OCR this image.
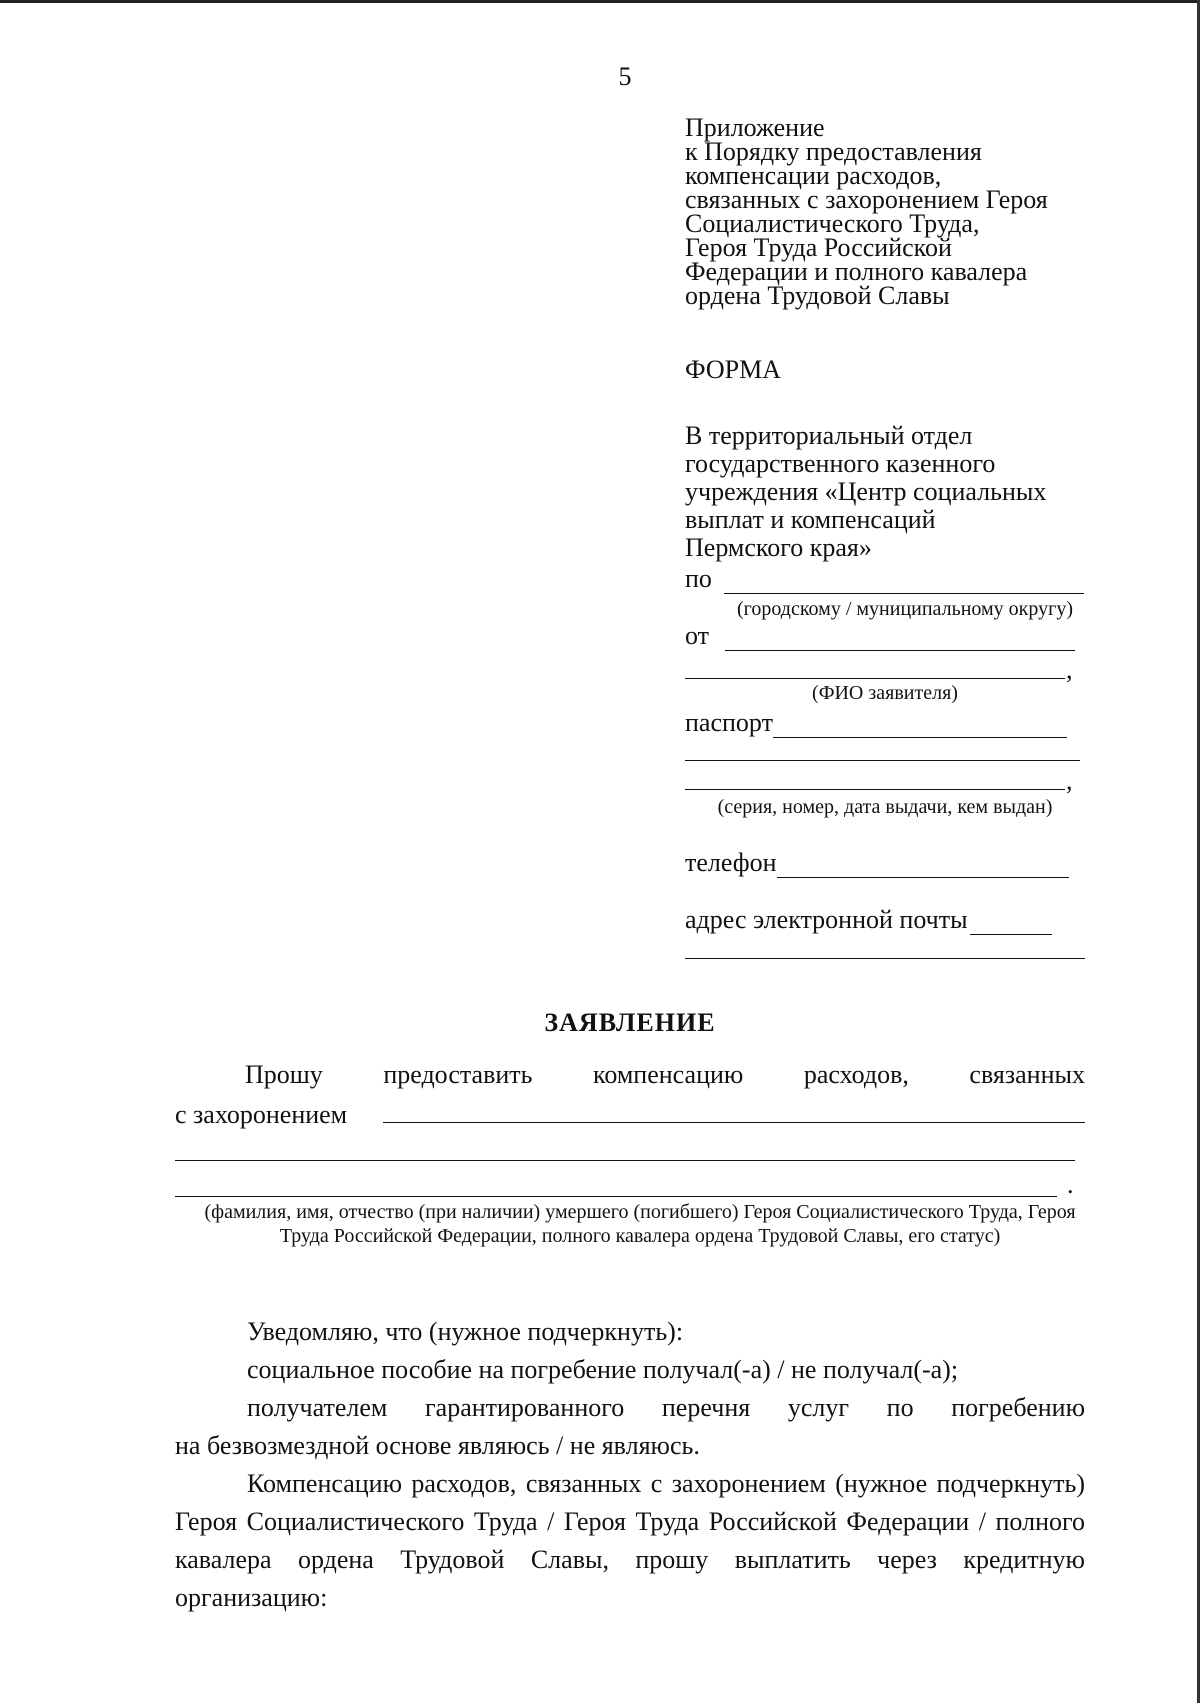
5
Приложение
к Порядку предоставления
компенсации расходов,
связанных с захоронением Героя
Социалистического Труда,
Героя Труда Российской
Федерации и полного кавалера
ордена Трудовой Славы
ФОРМА
В территориальный отдел
государственного казенного
учреждения «Центр социальных
выплат и компенсаций
Пермского края»
по
(городскому / муниципальному округу)
от
,
(ФИО заявителя)
паспорт
,
(серия, номер, дата выдачи, кем выдан)
телефон
адрес электронной почты
ЗАЯВЛЕНИЕ
Прошу предоставить компенсацию расходов, связанных
с захоронением
.
(фамилия, имя, отчество (при наличии) умершего (погибшего) Героя Социалистического Труда, Героя Труда Российской Федерации, полного кавалера ордена Трудовой Славы, его статус)
Уведомляю, что (нужное подчеркнуть):
социальное пособие на погребение получал(-а) / не получал(-а);
получателем гарантированного перечня услуг по погребению
на безвозмездной основе являюсь / не являюсь.
Компенсацию расходов, связанных с захоронением (нужное подчеркнуть) Героя Социалистического Труда / Героя Труда Российской Федерации / полного кавалера ордена Трудовой Славы, прошу выплатить через кредитную организацию:
